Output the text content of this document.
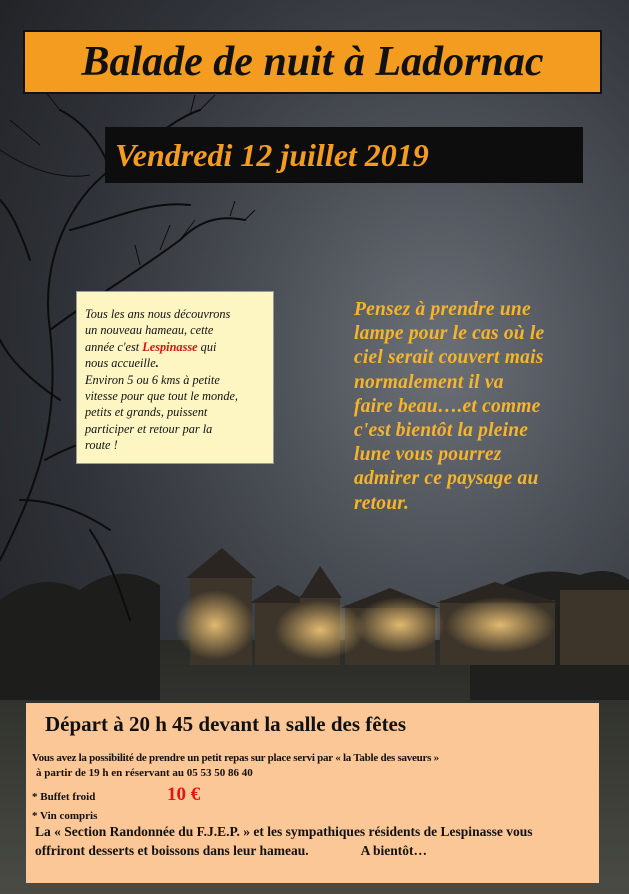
Balade de nuit à Ladornac
Vendredi 12 juillet 2019
Tous les ans nous découvrons
un nouveau hameau, cette
année c'est Lespinasse qui
nous accueille.
Environ 5 ou 6 kms à petite
vitesse pour que tout le monde,
petits et grands, puissent
participer et retour par la
route !
Pensez à prendre une
lampe pour le cas où le
ciel serait couvert mais
normalement il va
faire beau….et comme
c'est bientôt la pleine
lune vous pourrez
admirer ce paysage au
retour.
Départ à 20 h 45 devant la salle des fêtes
Vous avez la possibilité de prendre un petit repas sur place servi par « la Table des saveurs »
à partir de 19 h en réservant au 05 53 50 86 40
* Buffet froid	10 €
* Vin compris
La « Section Randonnée du F.J.E.P. » et les sympathiques résidents de Lespinasse vous
offriront desserts et boissons dans leur hameau.	A bientôt…
